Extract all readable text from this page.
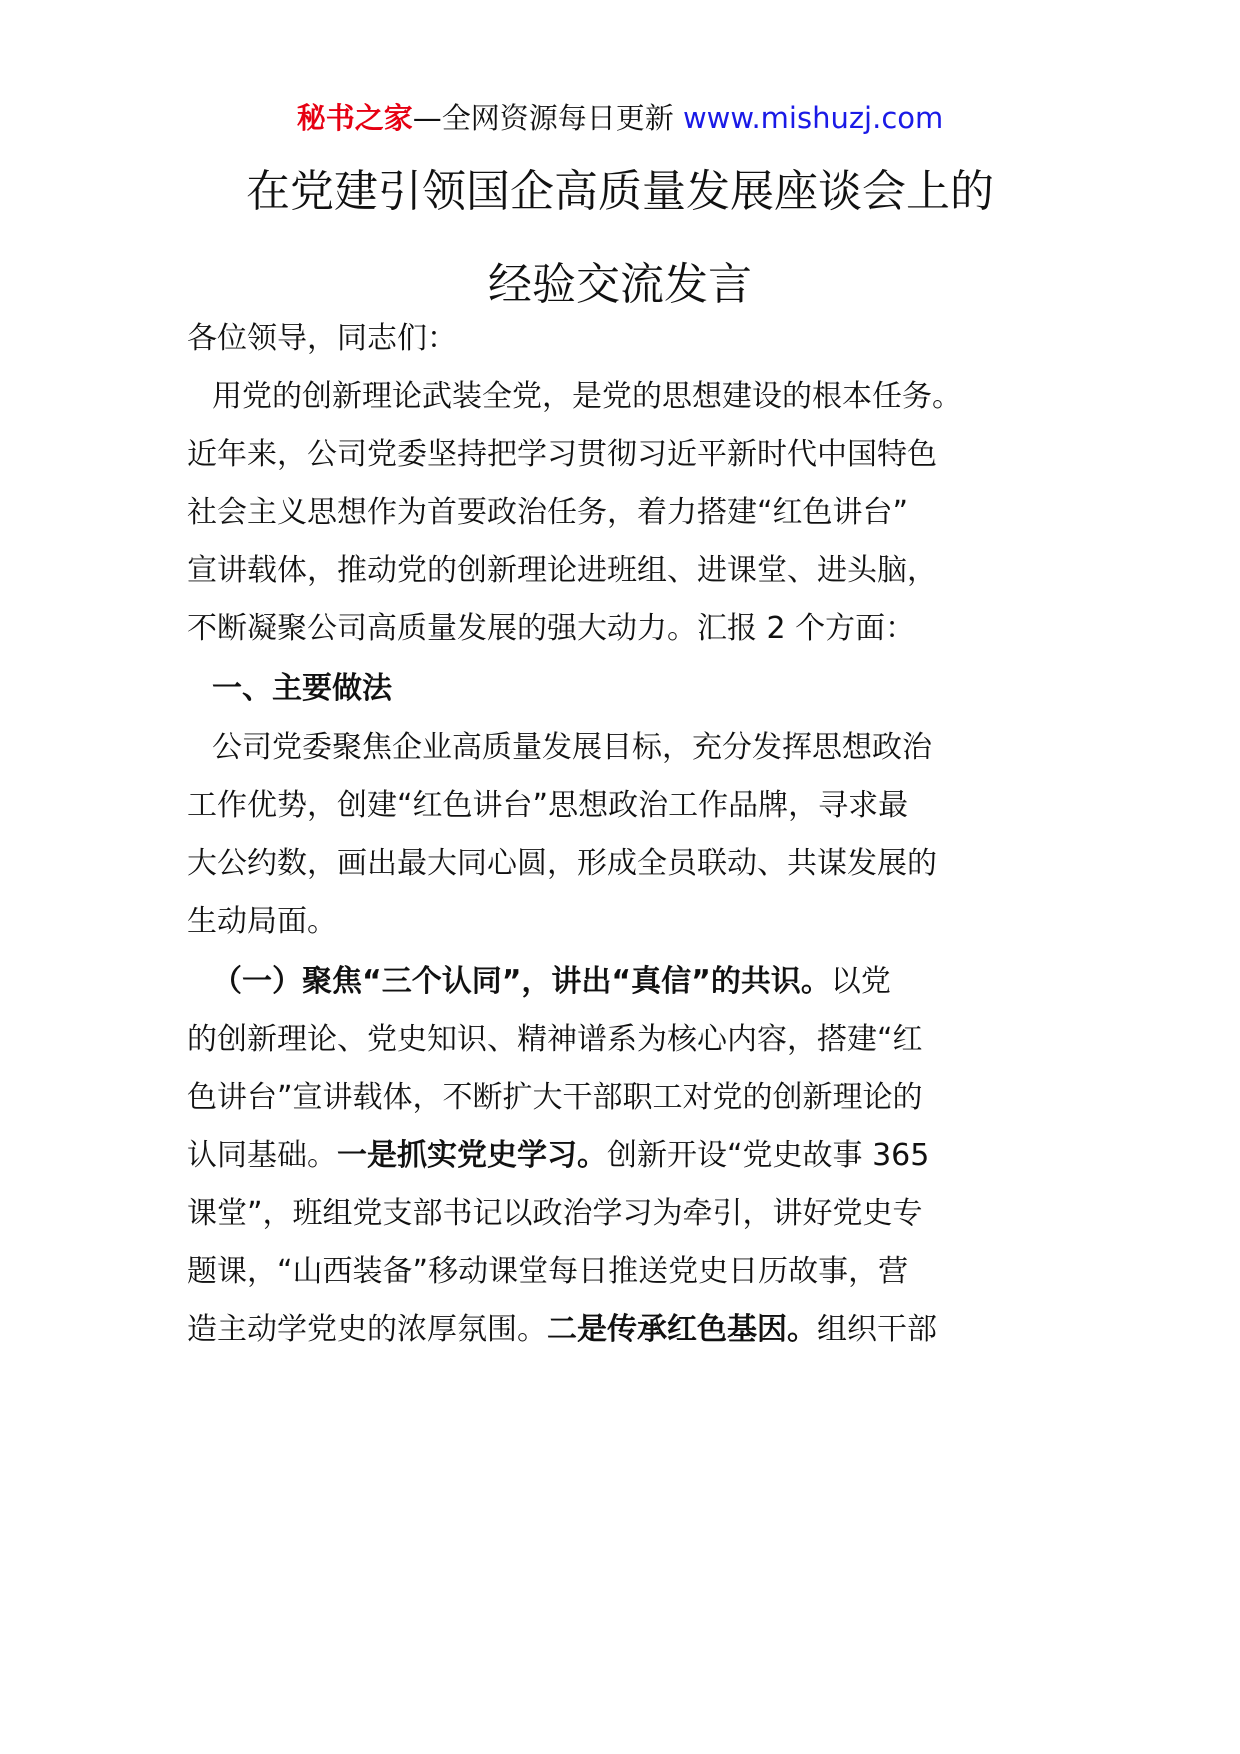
秘书之家—全网资源每日更新 www.mishuzj.com
在党建引领国企高质量发展座谈会上的
经验交流发言
各位领导，同志们：
用党的创新理论武装全党，是党的思想建设的根本任务。
近年来，公司党委坚持把学习贯彻习近平新时代中国特色
社会主义思想作为首要政治任务，着力搭建“红色讲台”
宣讲载体，推动党的创新理论进班组、进课堂、进头脑，
不断凝聚公司高质量发展的强大动力。汇报 2 个方面：
一、主要做法
公司党委聚焦企业高质量发展目标，充分发挥思想政治
工作优势，创建“红色讲台”思想政治工作品牌，寻求最
大公约数，画出最大同心圆，形成全员联动、共谋发展的
生动局面。
（一）聚焦“三个认同”，讲出“真信”的共识。以党
的创新理论、党史知识、精神谱系为核心内容，搭建“红
色讲台”宣讲载体，不断扩大干部职工对党的创新理论的
认同基础。一是抓实党史学习。创新开设“党史故事 365
课堂”，班组党支部书记以政治学习为牵引，讲好党史专
题课，“山西装备”移动课堂每日推送党史日历故事，营
造主动学党史的浓厚氛围。二是传承红色基因。组织干部
